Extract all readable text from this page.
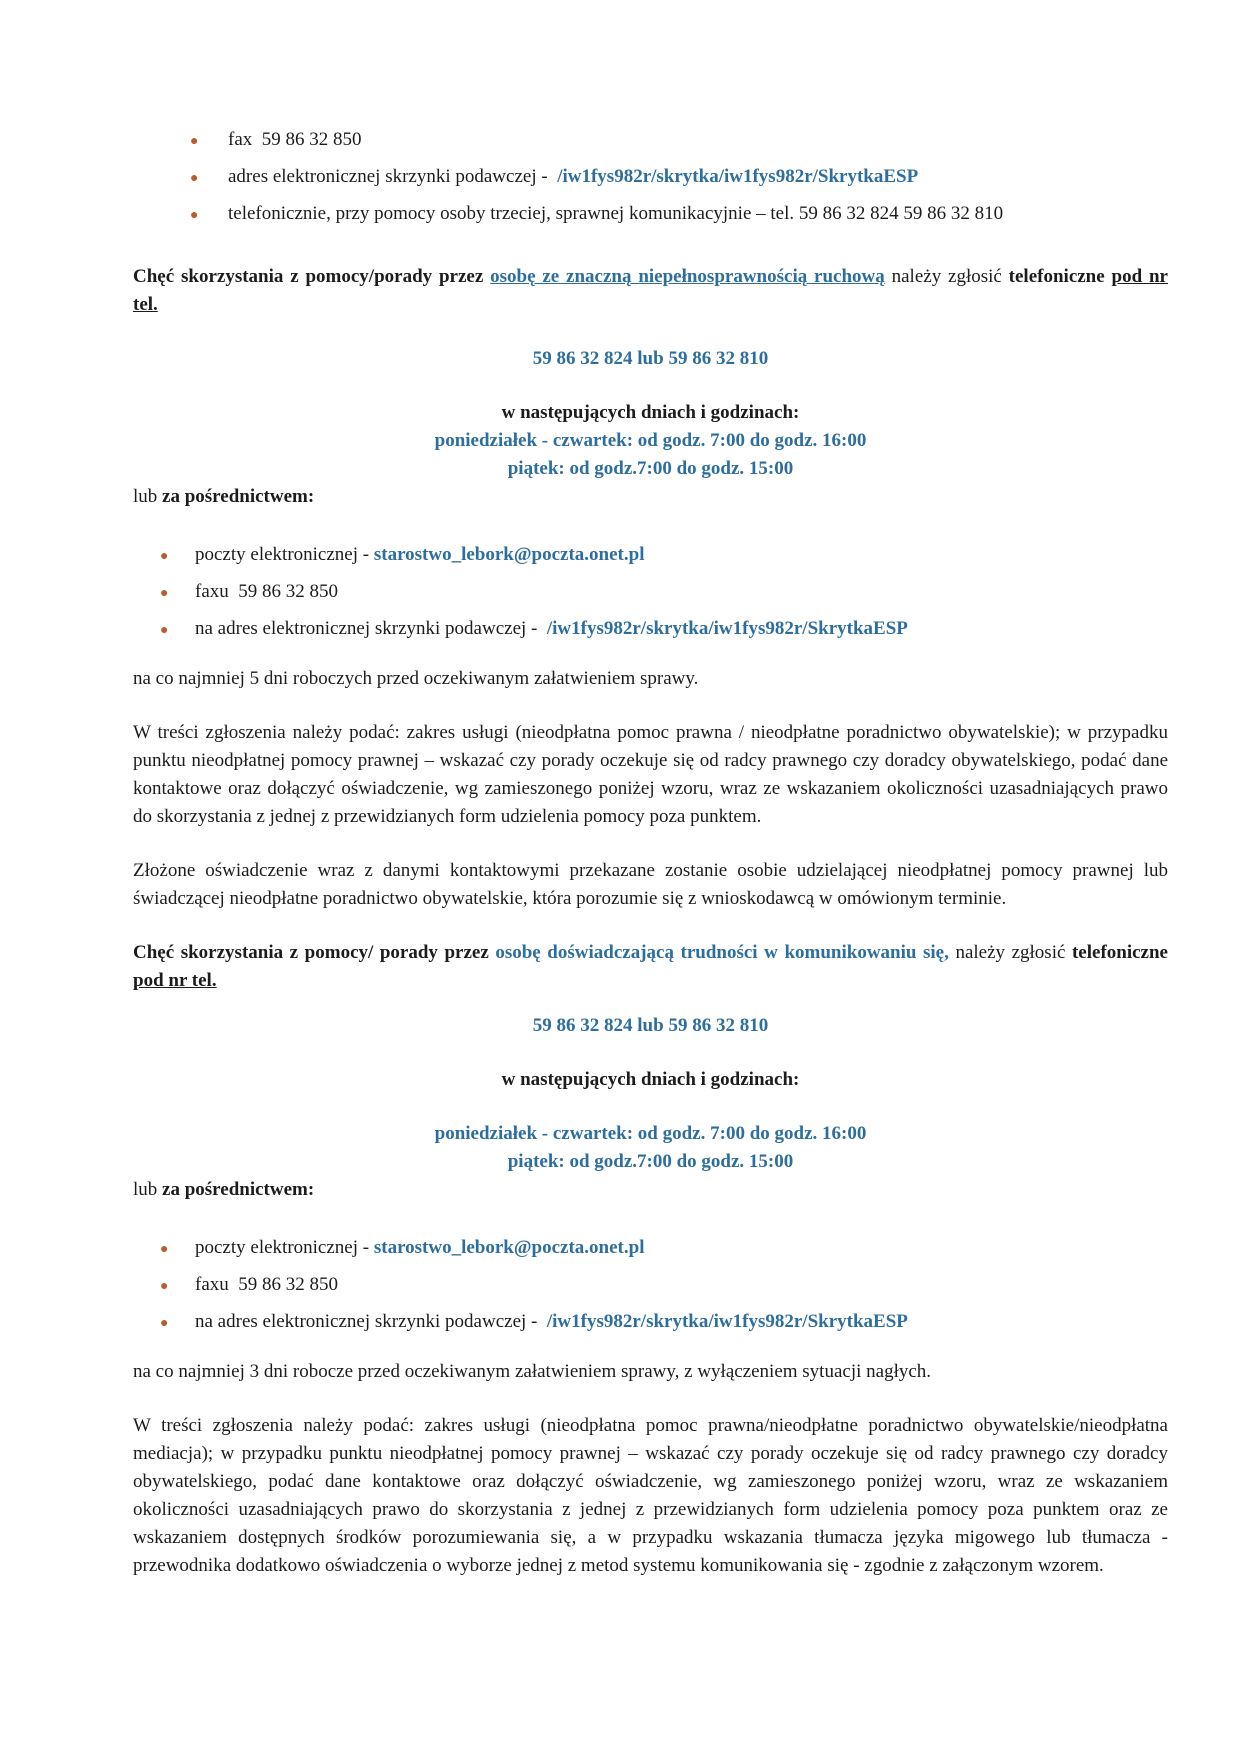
●	fax  59 86 32 850
●	adres elektronicznej skrzynki podawczej -  /iw1fys982r/skrytka/iw1fys982r/SkrytkaESP
●	telefonicznie, przy pomocy osoby trzeciej, sprawnej komunikacyjnie – tel. 59 86 32 824 59 86 32 810

Chęć skorzystania z pomocy/porady przez osobę ze znaczną niepełnosprawnością ruchową należy zgłosić telefoniczne pod nr tel.

59 86 32 824 lub 59 86 32 810

w następujących dniach i godzinach:

poniedziałek - czwartek: od godz. 7:00 do godz. 16:00

piątek: od godz.7:00 do godz. 15:00

lub za pośrednictwem:

●	poczty elektronicznej - starostwo_lebork@poczta.onet.pl
●	faxu  59 86 32 850
●	na adres elektronicznej skrzynki podawczej -  /iw1fys982r/skrytka/iw1fys982r/SkrytkaESP

na co najmniej 5 dni roboczych przed oczekiwanym załatwieniem sprawy.

W treści zgłoszenia należy podać: zakres usługi (nieodpłatna pomoc prawna / nieodpłatne poradnictwo obywatelskie); w przypadku punktu nieodpłatnej pomocy prawnej – wskazać czy porady oczekuje się od radcy prawnego czy doradcy obywatelskiego, podać dane kontaktowe oraz dołączyć oświadczenie, wg zamieszonego poniżej wzoru, wraz ze wskazaniem okoliczności uzasadniających prawo do skorzystania z jednej z przewidzianych form udzielenia pomocy poza punktem.

Złożone oświadczenie wraz z danymi kontaktowymi przekazane zostanie osobie udzielającej nieodpłatnej pomocy prawnej lub świadczącej nieodpłatne poradnictwo obywatelskie, która porozumie się z wnioskodawcą w omówionym terminie.

Chęć skorzystania z pomocy/ porady przez osobę doświadczającą trudności w komunikowaniu się, należy zgłosić telefoniczne pod nr tel.

59 86 32 824 lub 59 86 32 810

w następujących dniach i godzinach:

poniedziałek - czwartek: od godz. 7:00 do godz. 16:00

piątek: od godz.7:00 do godz. 15:00

lub za pośrednictwem:

●	poczty elektronicznej - starostwo_lebork@poczta.onet.pl
●	faxu  59 86 32 850
●	na adres elektronicznej skrzynki podawczej -  /iw1fys982r/skrytka/iw1fys982r/SkrytkaESP

na co najmniej 3 dni robocze przed oczekiwanym załatwieniem sprawy, z wyłączeniem sytuacji nagłych.

W treści zgłoszenia należy podać: zakres usługi (nieodpłatna pomoc prawna/nieodpłatne poradnictwo obywatelskie/nieodpłatna mediacja); w przypadku punktu nieodpłatnej pomocy prawnej – wskazać czy porady oczekuje się od radcy prawnego czy doradcy obywatelskiego, podać dane kontaktowe oraz dołączyć oświadczenie, wg zamieszonego poniżej wzoru, wraz ze wskazaniem okoliczności uzasadniających prawo do skorzystania z jednej z przewidzianych form udzielenia pomocy poza punktem oraz ze wskazaniem dostępnych środków porozumiewania się, a w przypadku wskazania tłumacza języka migowego lub tłumacza - przewodnika dodatkowo oświadczenia o wyborze jednej z metod systemu komunikowania się - zgodnie z załączonym wzorem.
